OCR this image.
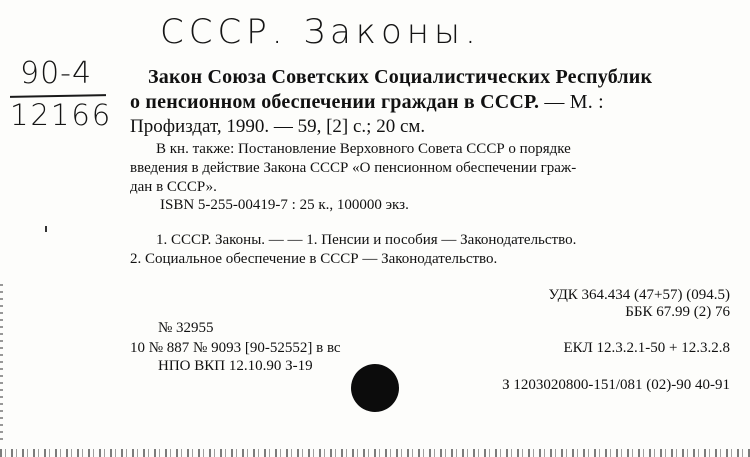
СССР. Законы.
90-4
12166
Закон Союза Советских Социалистических Республик
о пенсионном обеспечении граждан в СССР. — М. :
Профиздат, 1990. — 59, [2] с.; 20 см.
В кн. также: Постановление Верховного Совета СССР о порядке
введения в действие Закона СССР «О пенсионном обеспечении граж-
дан в СССР».
ISBN 5-255-00419-7 : 25 к., 100000 экз.
1. СССР. Законы. — — 1. Пенсии и пособия — Законодательство.
2. Социальное обеспечение в СССР — Законодательство.
УДК 364.434 (47+57) (094.5)
ББК 67.99 (2) 76
№ 32955
10 № 887 № 9093 [90-52552] в вс
НПО ВКП 12.10.90 З-19
ЕКЛ 12.3.2.1-50 + 12.3.2.8
З 1203020800-151/081 (02)-90 40-91
